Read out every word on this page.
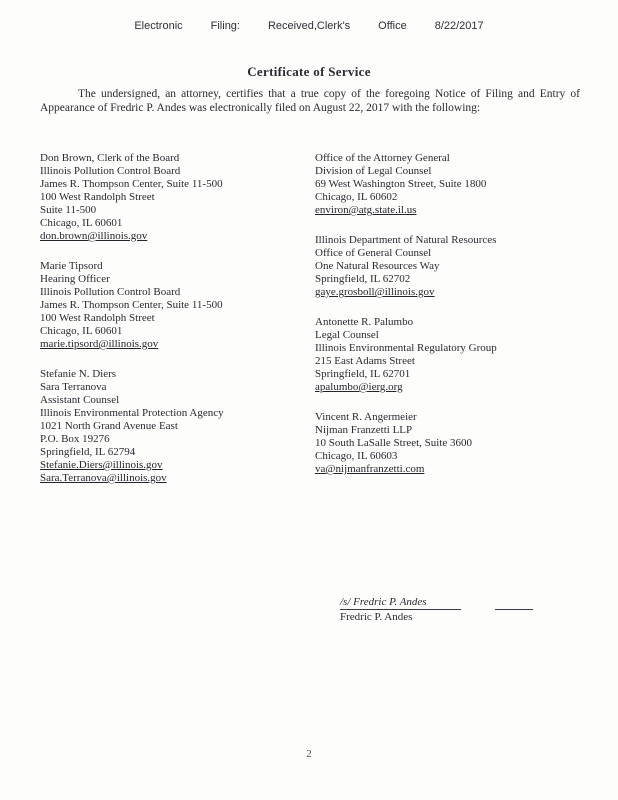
Electronic	Filing:	Received,Clerk's	Office	8/22/2017
Certificate of Service
The undersigned, an attorney, certifies that a true copy of the foregoing Notice of Filing and Entry of Appearance of Fredric P. Andes was electronically filed on August 22, 2017 with the following:
Don Brown, Clerk of the Board
Illinois Pollution Control Board
James R. Thompson Center, Suite 11-500
100 West Randolph Street
Suite 11-500
Chicago, IL 60601
don.brown@illinois.gov
Marie Tipsord
Hearing Officer
Illinois Pollution Control Board
James R. Thompson Center, Suite 11-500
100 West Randolph Street
Chicago, IL 60601
marie.tipsord@illinois.gov
Stefanie N. Diers
Sara Terranova
Assistant Counsel
Illinois Environmental Protection Agency
1021 North Grand Avenue East
P.O. Box 19276
Springfield, IL 62794
Stefanie.Diers@illinois.gov
Sara.Terranova@illinois.gov
Office of the Attorney General
Division of Legal Counsel
69 West Washington Street, Suite 1800
Chicago, IL 60602
environ@atg.state.il.us
Illinois Department of Natural Resources
Office of General Counsel
One Natural Resources Way
Springfield, IL 62702
gaye.grosboll@illinois.gov
Antonette R. Palumbo
Legal Counsel
Illinois Environmental Regulatory Group
215 East Adams Street
Springfield, IL 62701
apalumbo@ierg.org
Vincent R. Angermeier
Nijman Franzetti LLP
10 South LaSalle Street, Suite 3600
Chicago, IL 60603
va@nijmanfranzetti.com
/s/ Fredric P. Andes
Fredric P. Andes
2
